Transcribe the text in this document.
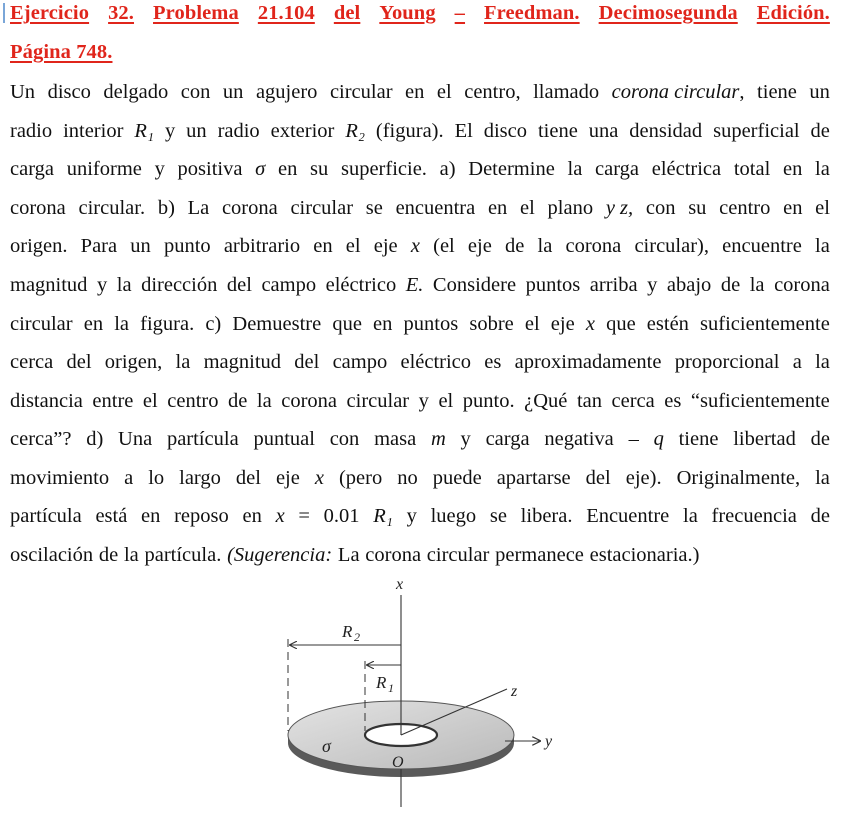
Ejercicio 32. Problema 21.104 del Young – Freedman. Decimosegunda Edición.
Página 748.
Un disco delgado con un agujero circular en el centro, llamado corona circular, tiene un
radio interior R₁ y un radio exterior R₂ (figura). El disco tiene una densidad superficial de
carga uniforme y positiva σ en su superficie. a) Determine la carga eléctrica total en la
corona circular. b) La corona circular se encuentra en el plano y z, con su centro en el
origen. Para un punto arbitrario en el eje x (el eje de la corona circular), encuentre la
magnitud y la dirección del campo eléctrico E. Considere puntos arriba y abajo de la corona
circular en la figura. c) Demuestre que en puntos sobre el eje x que estén suficientemente
cerca del origen, la magnitud del campo eléctrico es aproximadamente proporcional a la
distancia entre el centro de la corona circular y el punto. ¿Qué tan cerca es “suficientemente
cerca”? d) Una partícula puntual con masa m y carga negativa – q tiene libertad de
movimiento a lo largo del eje x (pero no puede apartarse del eje). Originalmente, la
partícula está en reposo en x = 0.01 R₁ y luego se libera. Encuentre la frecuencia de
oscilación de la partícula. (Sugerencia: La corona circular permanece estacionaria.)
x
z
y
R 2
R 1
σ
O
